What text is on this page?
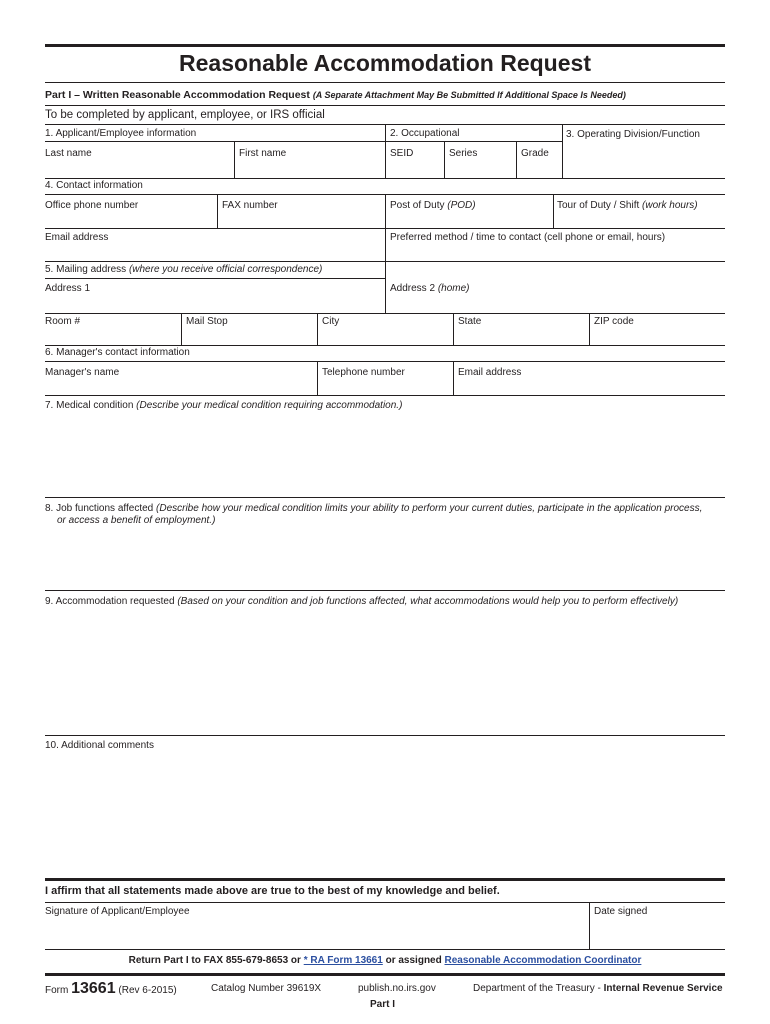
Reasonable Accommodation Request
Part I – Written Reasonable Accommodation Request (A Separate Attachment May Be Submitted If Additional Space Is Needed)
To be completed by applicant, employee, or IRS official
1. Applicant/Employee information	2. Occupational	3. Operating Division/Function
Last name	First name	SEID	Series	Grade
4. Contact information
Office phone number	FAX number	Post of Duty (POD)	Tour of Duty / Shift (work hours)
Email address	Preferred method / time to contact (cell phone or email, hours)
5. Mailing address (where you receive official correspondence)
Address 1	Address 2 (home)
Room #	Mail Stop	City	State	ZIP code
6. Manager's contact information
Manager's name	Telephone number	Email address
7. Medical condition (Describe your medical condition requiring accommodation.)
8. Job functions affected (Describe how your medical condition limits your ability to perform your current duties, participate in the application process,
or access a benefit of employment.)
9. Accommodation requested (Based on your condition and job functions affected, what accommodations would help you to perform effectively)
10. Additional comments
I affirm that all statements made above are true to the best of my knowledge and belief.
Signature of Applicant/Employee	Date signed
Return Part I to FAX 855-679-8653 or * RA Form 13661 or assigned Reasonable Accommodation Coordinator
Form 13661 (Rev 6-2015)	Catalog Number 39619X	publish.no.irs.gov	Department of the Treasury - Internal Revenue Service
Part I
